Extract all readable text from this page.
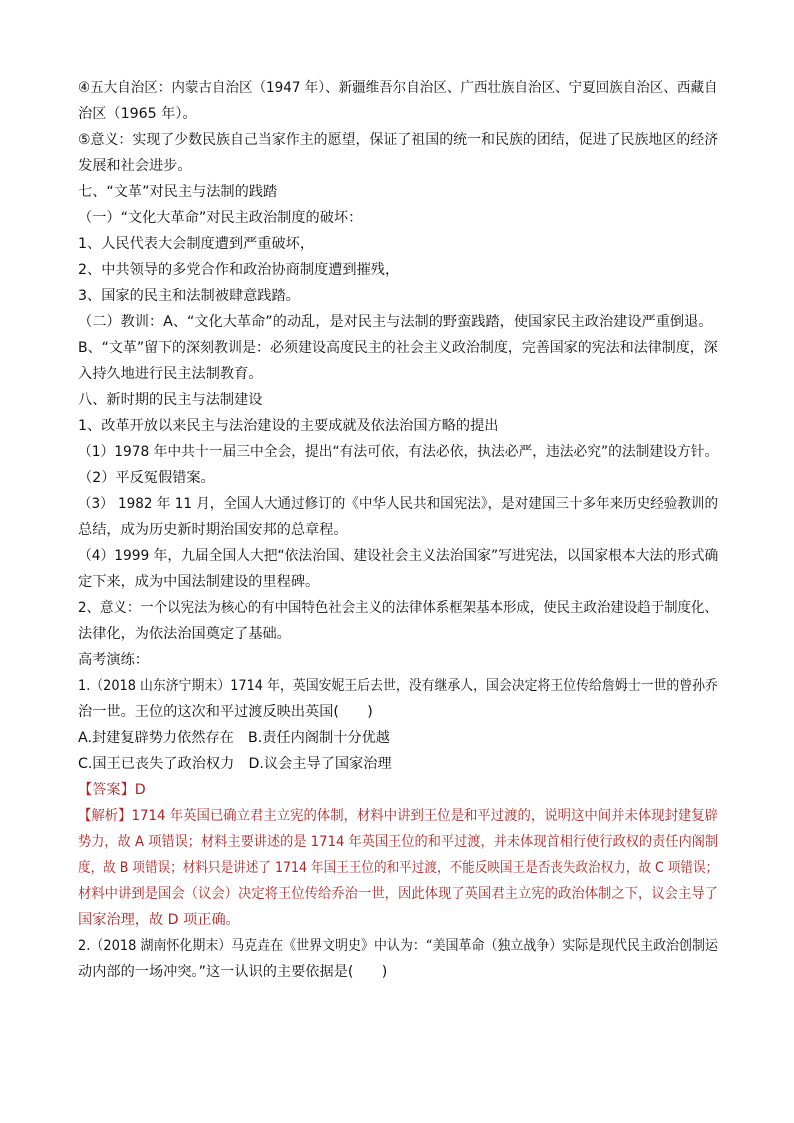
④五大自治区：内蒙古自治区（1947 年）、新疆维吾尔自治区、广西壮族自治区、宁夏回族自治区、西藏自
治区（1965 年）。
⑤意义：实现了少数民族自己当家作主的愿望，保证了祖国的统一和民族的团结，促进了民族地区的经济
发展和社会进步。
七、“文革”对民主与法制的践踏
（一）“文化大革命”对民主政治制度的破坏：
1、人民代表大会制度遭到严重破坏，
2、中共领导的多党合作和政治协商制度遭到摧残，
3、国家的民主和法制被肆意践踏。
（二）教训：A、“文化大革命”的动乱，是对民主与法制的野蛮践踏，使国家民主政治建设严重倒退。
B、“文革”留下的深刻教训是：必须建设高度民主的社会主义政治制度，完善国家的宪法和法律制度，深
入持久地进行民主法制教育。
八、新时期的民主与法制建设
1、改革开放以来民主与法治建设的主要成就及依法治国方略的提出
（1）1978 年中共十一届三中全会，提出“有法可依，有法必依，执法必严，违法必究”的法制建设方针。
（2）平反冤假错案。
（3） 1982 年 11 月，全国人大通过修订的《中华人民共和国宪法》，是对建国三十多年来历史经验教训的
总结，成为历史新时期治国安邦的总章程。
（4）1999 年，九届全国人大把“依法治国、建设社会主义法治国家”写进宪法，以国家根本大法的形式确
定下来，成为中国法制建设的里程碑。
2、意义：一个以宪法为核心的有中国特色社会主义的法律体系框架基本形成，使民主政治建设趋于制度化、
法律化，为依法治国奠定了基础。
高考演练：
1.（2018 山东济宁期末）1714 年，英国安妮王后去世，没有继承人，国会决定将王位传给詹姆士一世的曾孙乔
治一世。王位的这次和平过渡反映出英国(　　)
A.封建复辟势力依然存在　B.责任内阁制十分优越
C.国王已丧失了政治权力　D.议会主导了国家治理
【答案】D
【解析】1714 年英国已确立君主立宪的体制，材料中讲到王位是和平过渡的，说明这中间并未体现封建复辟
势力，故 A 项错误；材料主要讲述的是 1714 年英国王位的和平过渡，并未体现首相行使行政权的责任内阁制
度，故 B 项错误；材料只是讲述了 1714 年国王王位的和平过渡，不能反映国王是否丧失政治权力，故 C 项错误；
材料中讲到是国会（议会）决定将王位传给乔治一世，因此体现了英国君主立宪的政治体制之下，议会主导了
国家治理，故 D 项正确。
2.（2018 湖南怀化期末）马克垚在《世界文明史》中认为：“美国革命（独立战争）实际是现代民主政治创制运
动内部的一场冲突。”这一认识的主要依据是(　　)
